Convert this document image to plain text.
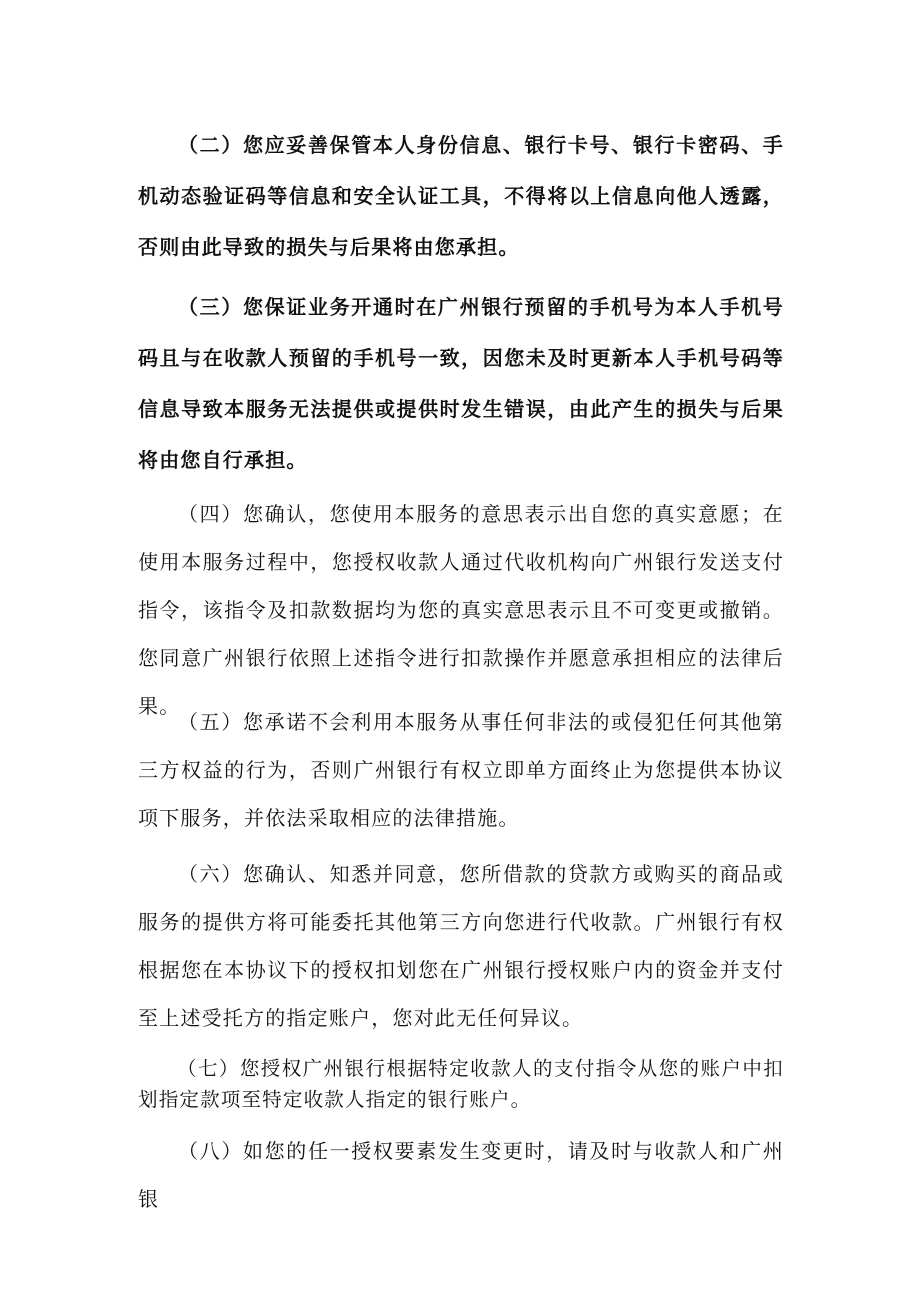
（二）您应妥善保管本人身份信息、银行卡号、银行卡密码、手机动态验证码等信息和安全认证工具，不得将以上信息向他人透露，否则由此导致的损失与后果将由您承担。

（三）您保证业务开通时在广州银行预留的手机号为本人手机号码且与在收款人预留的手机号一致，因您未及时更新本人手机号码等信息导致本服务无法提供或提供时发生错误，由此产生的损失与后果将由您自行承担。

（四）您确认，您使用本服务的意思表示出自您的真实意愿；在使用本服务过程中，您授权收款人通过代收机构向广州银行发送支付指令，该指令及扣款数据均为您的真实意思表示且不可变更或撤销。您同意广州银行依照上述指令进行扣款操作并愿意承担相应的法律后果。

（五）您承诺不会利用本服务从事任何非法的或侵犯任何其他第三方权益的行为，否则广州银行有权立即单方面终止为您提供本协议项下服务，并依法采取相应的法律措施。

（六）您确认、知悉并同意，您所借款的贷款方或购买的商品或服务的提供方将可能委托其他第三方向您进行代收款。广州银行有权根据您在本协议下的授权扣划您在广州银行授权账户内的资金并支付至上述受托方的指定账户，您对此无任何异议。

（七）您授权广州银行根据特定收款人的支付指令从您的账户中扣划指定款项至特定收款人指定的银行账户。

（八）如您的任一授权要素发生变更时，请及时与收款人和广州银
